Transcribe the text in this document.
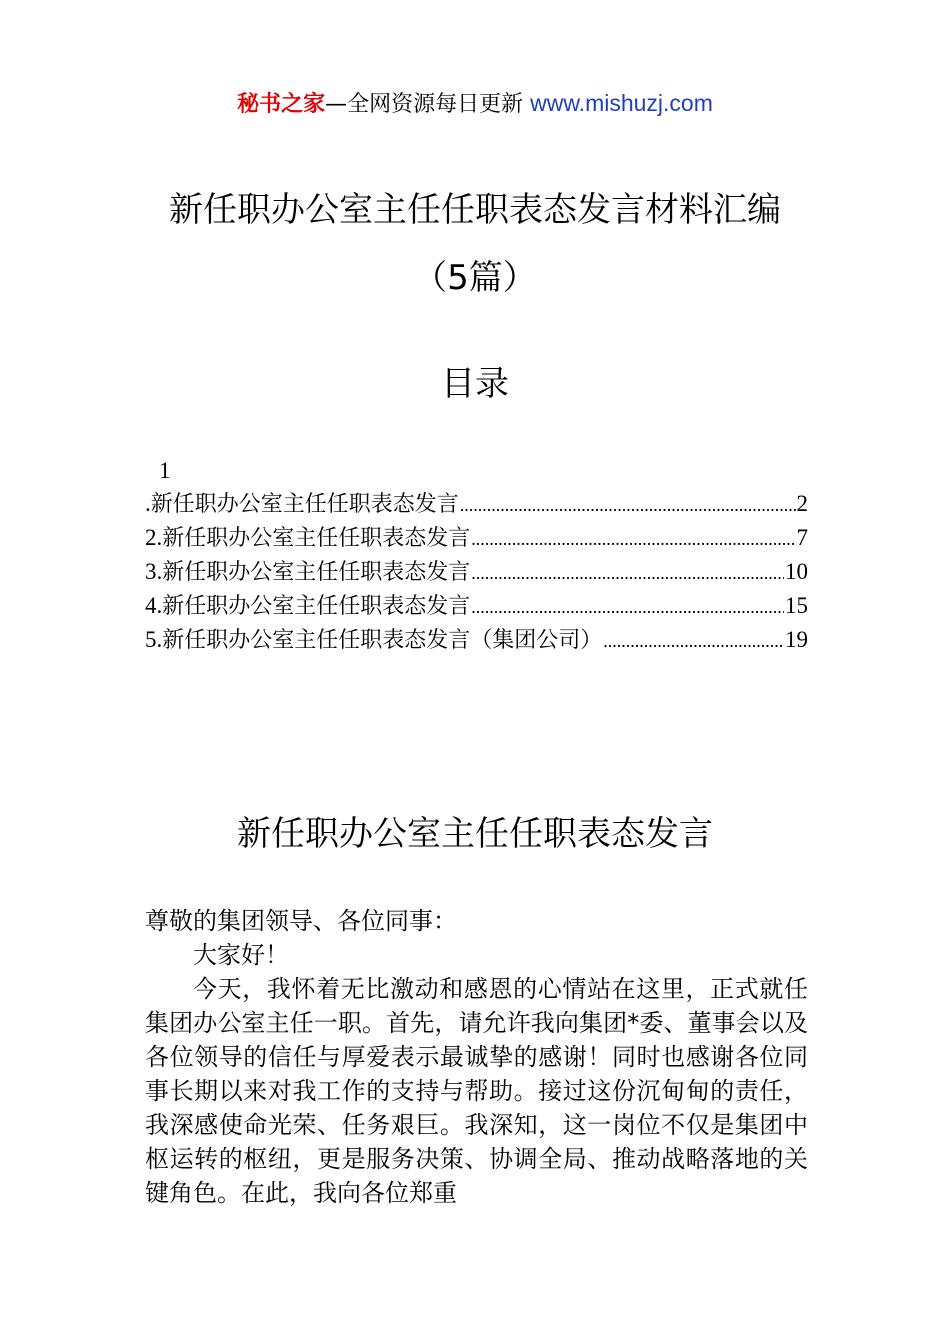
秘书之家—全网资源每日更新 www.mishuzj.com
新任职办公室主任任职表态发言材料汇编
（5篇）
目录
1
. 新任职办公室主任任职表态发言 .....	2
2. 新任职办公室主任任职表态发言 .....	7
3. 新任职办公室主任任职表态发言 .....	10
4. 新任职办公室主任任职表态发言 .....	15
5. 新任职办公室主任任职表态发言（集团公司） .....	19
新任职办公室主任任职表态发言

尊敬的集团领导、各位同事：

大家好！

今天，我怀着无比激动和感恩的心情站在这里，正式就任集团办公室主任一职。首先，请允许我向集团*委、董事会以及各位领导的信任与厚爱表示最诚挚的感谢！同时也感谢各位同事长期以来对我工作的支持与帮助。接过这份沉甸甸的责任，我深感使命光荣、任务艰巨。我深知，这一岗位不仅是集团中枢运转的枢纽，更是服务决策、协调全局、推动战略落地的关键角色。在此，我向各位郑重
